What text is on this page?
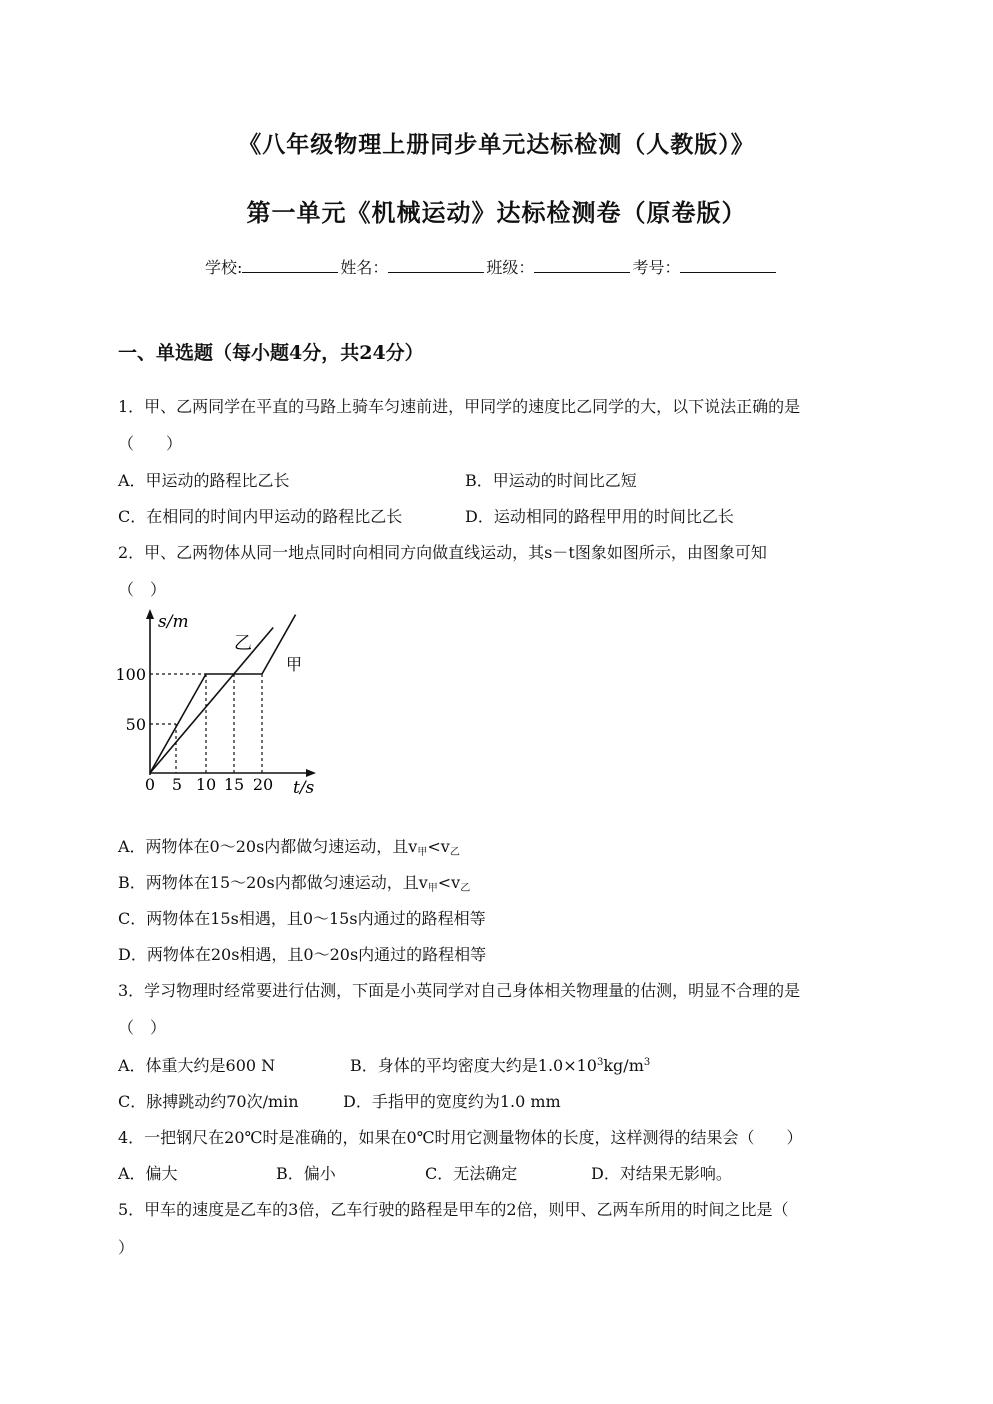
《八年级物理上册同步单元达标检测（人教版）》
第一单元《机械运动》达标检测卷（原卷版）
学校:	姓名：	班级：	考号：
一、单选题（每小题4分，共24分）
1．甲、乙两同学在平直的马路上骑车匀速前进，甲同学的速度比乙同学的大，以下说法正确的是
（　　）
A．甲运动的路程比乙长	B．甲运动的时间比乙短
C．在相同的时间内甲运动的路程比乙长	D．运动相同的路程甲用的时间比乙长
2．甲、乙两物体从同一地点同时向相同方向做直线运动，其s－t图象如图所示，由图象可知
（　）
s/m
t/s
100
50
0 5 10 15 20
乙
甲
A．两物体在0～20s内都做匀速运动，且$v_甲<v_乙$
B．两物体在15～20s内都做匀速运动，且$v_甲<v_乙$
C．两物体在15s相遇，且0～15s内通过的路程相等
D．两物体在20s相遇，且0～20s内通过的路程相等
3．学习物理时经常要进行估测，下面是小英同学对自己身体相关物理量的估测，明显不合理的是
（　）
A．体重大约是600 N	B．身体的平均密度大约是$1.0\times 10^3kg/m^3$
C．脉搏跳动约70次/min	D．手指甲的宽度约为1.0 mm
4．一把钢尺在20℃时是准确的，如果在0℃时用它测量物体的长度，这样测得的结果会（　　）
A．偏大	B．偏小	C．无法确定	D．对结果无影响。
5．甲车的速度是乙车的3倍，乙车行驶的路程是甲车的2倍，则甲、乙两车所用的时间之比是（
）
